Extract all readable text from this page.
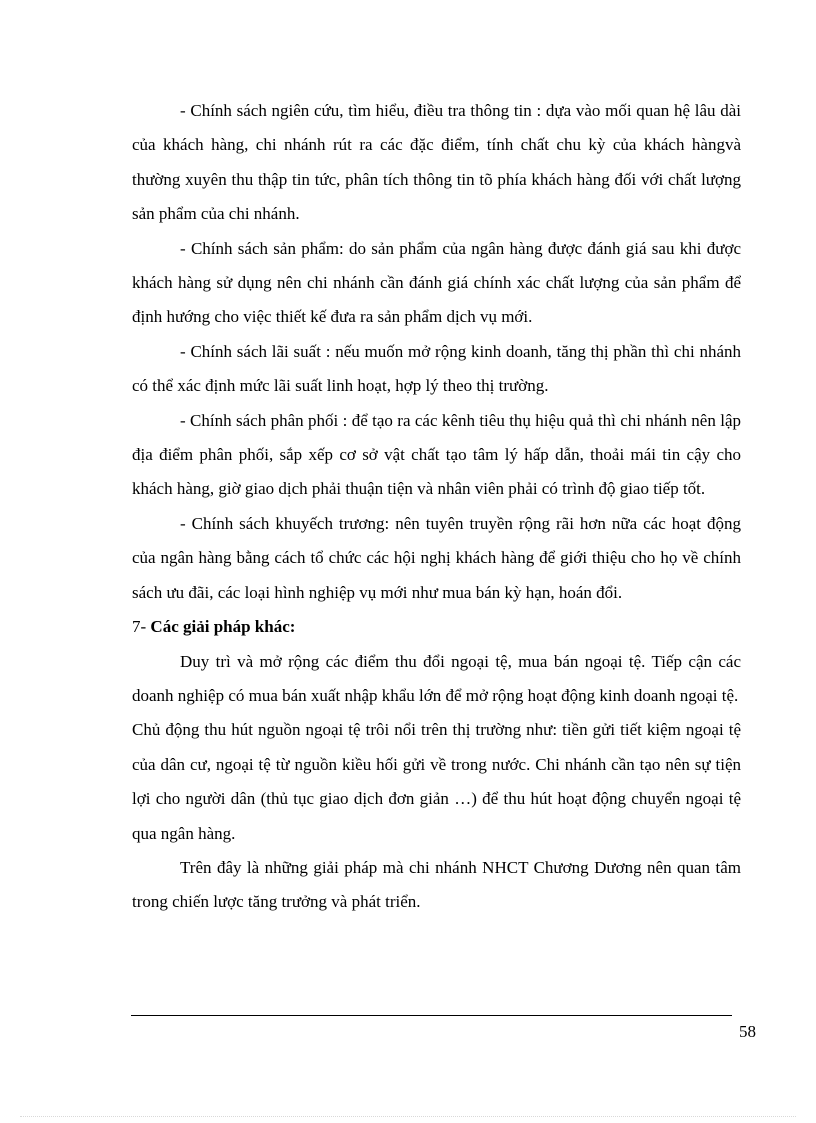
- Chính sách ngiên cứu, tìm hiểu, điều tra thông tin : dựa vào mối quan hệ lâu dài của khách hàng, chi nhánh rút ra các đặc điểm, tính chất chu kỳ của khách hàngvà thường xuyên thu thập tin tức, phân tích thông tin tõ phía khách hàng đối với chất lượng sản phẩm của chi nhánh.

- Chính sách sản phẩm: do sản phẩm của ngân hàng được đánh giá sau khi được khách hàng sử dụng nên chi nhánh cần đánh giá chính xác chất lượng của sản phẩm để định hướng cho việc thiết kế đưa ra sản phẩm dịch vụ mới.

- Chính sách lãi suất : nếu muốn mở rộng kinh doanh, tăng thị phần thì chi nhánh có thể xác định mức lãi suất linh hoạt, hợp lý theo thị trường.

- Chính sách phân phối : để tạo ra các kênh tiêu thụ hiệu quả thì chi nhánh nên lập địa điểm phân phối, sắp xếp cơ sở vật chất tạo tâm lý hấp dẫn, thoải mái tin cậy cho khách hàng, giờ giao dịch phải thuận tiện và nhân viên phải có trình độ giao tiếp tốt.

- Chính sách khuyếch trương: nên tuyên truyền rộng rãi hơn nữa các hoạt động của ngân hàng bằng cách tổ chức các hội nghị khách hàng để giới thiệu cho họ về chính sách ưu đãi, các loại hình nghiệp vụ mới như mua bán kỳ hạn, hoán đổi.

7- Các giải pháp khác:

Duy trì và mở rộng các điểm thu đổi ngoại tệ, mua bán ngoại tệ. Tiếp cận các doanh nghiệp có mua bán xuất nhập khẩu lớn để mở rộng hoạt động kinh doanh ngoại tệ.

Chủ động thu hút nguồn ngoại tệ trôi nổi trên thị trường như: tiền gửi tiết kiệm ngoại tệ của dân cư, ngoại tệ từ nguồn kiều hối gửi về trong nước. Chi nhánh cần tạo nên sự tiện lợi cho người dân (thủ tục giao dịch đơn giản …) để thu hút hoạt động chuyển ngoại tệ qua ngân hàng.

Trên đây là những giải pháp mà chi nhánh NHCT Chương Dương nên quan tâm trong chiến lược tăng trưởng và phát triển.

58
